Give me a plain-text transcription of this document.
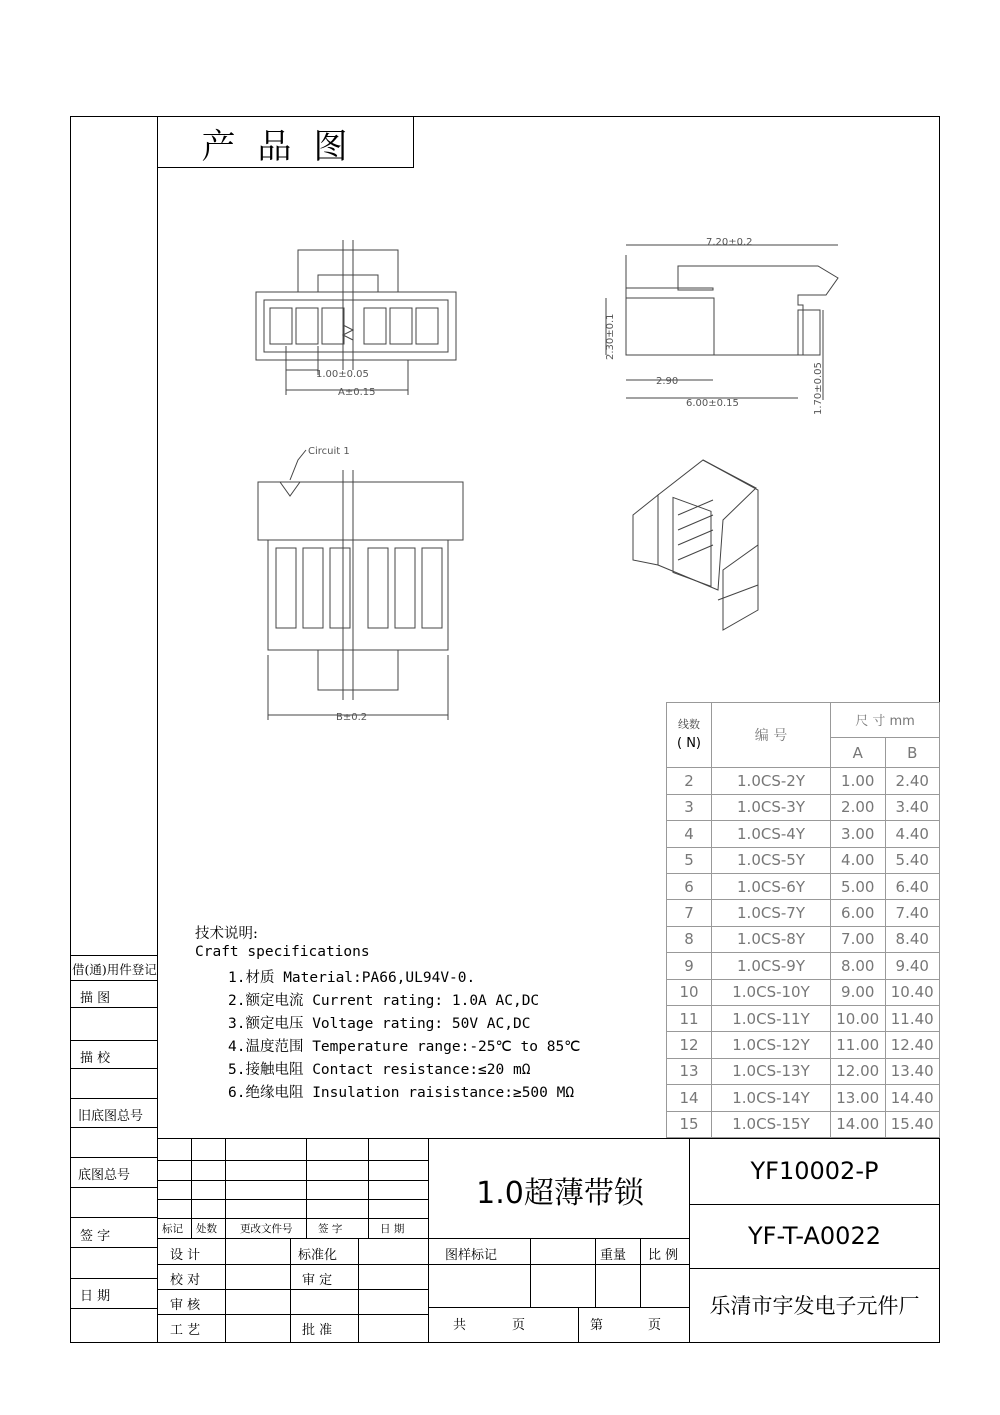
产品图
1.00±0.05
A±0.15
B±0.2
7.20±0.2
2.30±0.1
2.90
6.00±0.15	1.70±0.05
Circuit 1
技术说明:
Craft specifications
1.材质 Material:PA66,UL94V-0.
2.额定电流 Current rating: 1.0A AC,DC
3.额定电压 Voltage rating: 50V AC,DC
4.温度范围 Temperature range:-25℃ to 85℃
5.接触电阻 Contact resistance:≤20 mΩ
6.绝缘电阻 Insulation raisistance:≥500 MΩ
线数
( N)	编 号	尺 寸 mm	
		A	B
2	1.0CS-2Y	1.00	2.40
3	1.0CS-3Y	2.00	3.40
4	1.0CS-4Y	3.00	4.40
5	1.0CS-5Y	4.00	5.40
6	1.0CS-6Y	5.00	6.40
7	1.0CS-7Y	6.00	7.40
8	1.0CS-8Y	7.00	8.40
9	1.0CS-9Y	8.00	9.40
10	1.0CS-10Y	9.00	10.40
11	1.0CS-11Y	10.00	11.40
12	1.0CS-12Y	11.00	12.40
13	1.0CS-13Y	12.00	13.40
14	1.0CS-14Y	13.00	14.40
15	1.0CS-15Y	14.00	15.40
借(通)用件登记
描 图
描 校
旧底图总号
底图总号
签 字
日 期
标记 处数 更改文件号 签 字	日 期
设 计	标准化
校 对	审 定
审 核
工 艺	批 准
1.0超薄带锁
YF10002-P
YF-T-A0022
乐清市宇发电子元件厂
图样标记	重量 比 例
共	页	第	页
